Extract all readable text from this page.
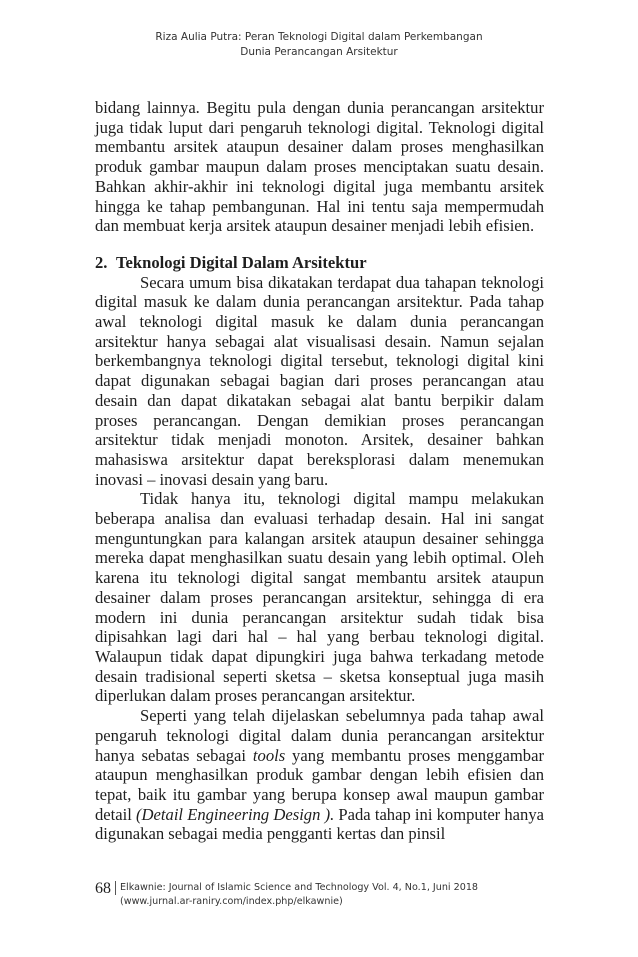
Riza Aulia Putra: Peran Teknologi Digital dalam Perkembangan
Dunia Perancangan Arsitektur

bidang lainnya. Begitu pula dengan dunia perancangan arsitektur juga tidak luput dari pengaruh teknologi digital. Teknologi digital membantu arsitek ataupun desainer dalam proses menghasilkan produk gambar maupun dalam proses menciptakan suatu desain. Bahkan akhir-akhir ini teknologi digital juga membantu arsitek hingga ke tahap pembangunan. Hal ini tentu saja mempermudah dan membuat kerja arsitek ataupun desainer menjadi lebih efisien.

2. Teknologi Digital Dalam Arsitektur

Secara umum bisa dikatakan terdapat dua tahapan teknologi digital masuk ke dalam dunia perancangan arsitektur. Pada tahap awal teknologi digital masuk ke dalam dunia perancangan arsitektur hanya sebagai alat visualisasi desain. Namun sejalan berkembangnya teknologi digital tersebut, teknologi digital kini dapat digunakan sebagai bagian dari proses perancangan atau desain dan dapat dikatakan sebagai alat bantu berpikir dalam proses perancangan. Dengan demikian proses perancangan arsitektur tidak menjadi monoton. Arsitek, desainer bahkan mahasiswa arsitektur dapat bereksplorasi dalam menemukan inovasi – inovasi desain yang baru.

Tidak hanya itu, teknologi digital mampu melakukan beberapa analisa dan evaluasi terhadap desain. Hal ini sangat menguntungkan para kalangan arsitek ataupun desainer sehingga mereka dapat menghasilkan suatu desain yang lebih optimal. Oleh karena itu teknologi digital sangat membantu arsitek ataupun desainer dalam proses perancangan arsitektur, sehingga di era modern ini dunia perancangan arsitektur sudah tidak bisa dipisahkan lagi dari hal – hal yang berbau teknologi digital. Walaupun tidak dapat dipungkiri juga bahwa terkadang metode desain tradisional seperti sketsa – sketsa konseptual juga masih diperlukan dalam proses perancangan arsitektur.

Seperti yang telah dijelaskan sebelumnya pada tahap awal pengaruh teknologi digital dalam dunia perancangan arsitektur hanya sebatas sebagai tools yang membantu proses menggambar ataupun menghasilkan produk gambar dengan lebih efisien dan tepat, baik itu gambar yang berupa konsep awal maupun gambar detail (Detail Engineering Design ). Pada tahap ini komputer hanya digunakan sebagai media pengganti kertas dan pinsil

68 Elkawnie: Journal of Islamic Science and Technology Vol. 4, No.1, Juni 2018
(www.jurnal.ar-raniry.com/index.php/elkawnie)
